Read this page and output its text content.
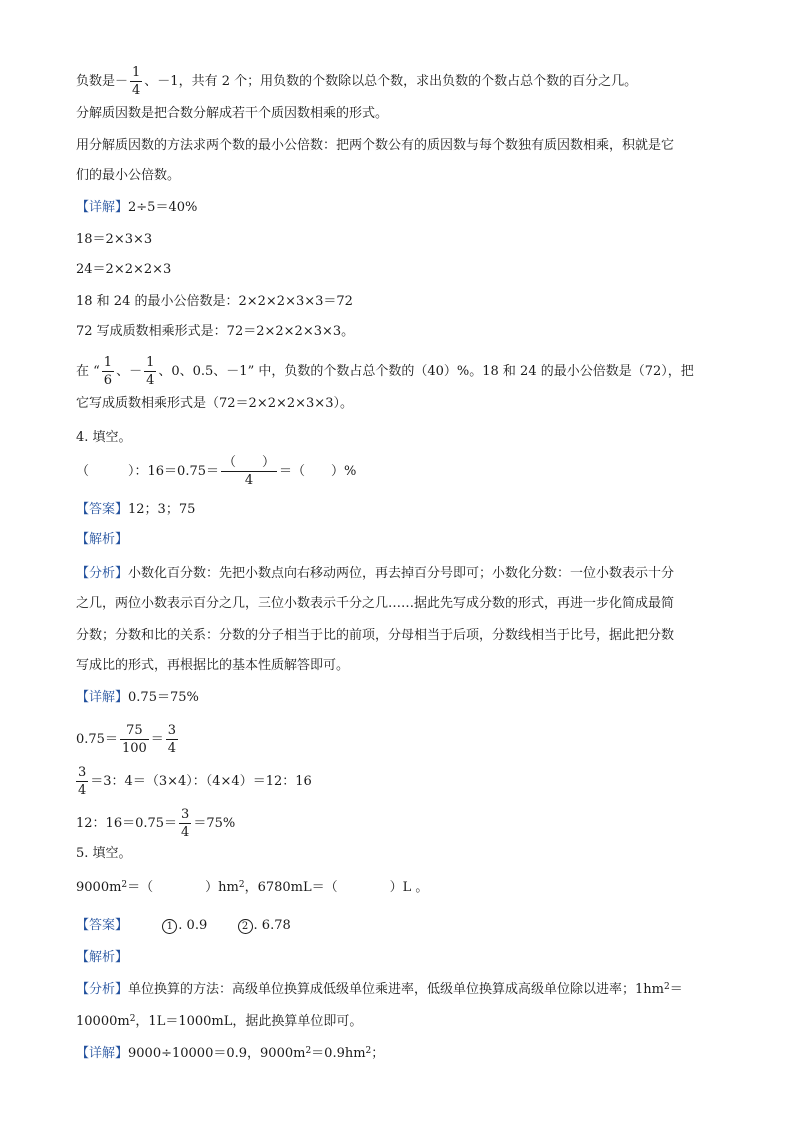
负数是－ $\frac{1}{4}$ 、－1，共有 2 个；用负数的个数除以总个数，求出负数的个数占总个数的百分之几。
分解质因数是把合数分解成若干个质因数相乘的形式。
用分解质因数的方法求两个数的最小公倍数：把两个数公有的质因数与每个数独有质因数相乘，积就是它
们的最小公倍数。
【详解】2÷5＝40%
18＝2×3×3
24＝2×2×2×3
18 和 24 的最小公倍数是：2×2×2×3×3＝72
72 写成质数相乘形式是：72＝2×2×2×3×3。
在 “ $\frac{1}{6}$ 、－ $\frac{1}{4}$ 、0、0.5、－1” 中，负数的个数占总个数的（40）%。18 和 24 的最小公倍数是（72），把
它写成质数相乘形式是（72＝2×2×2×3×3）。
4. 填空。
（　　　）：$16=0.75= \frac{( )}{4}$ ＝（　　）%
【答案】12；3；75
【解析】
【分析】小数化百分数：先把小数点向右移动两位，再去掉百分号即可；小数化分数：一位小数表示十分
之几，两位小数表示百分之几，三位小数表示千分之几……据此先写成分数的形式，再进一步化简成最简
分数；分数和比的关系：分数的分子相当于比的前项，分母相当于后项，分数线相当于比号，据此把分数
写成比的形式，再根据比的基本性质解答即可。
【详解】0.75＝75%
$0.75= \frac{75}{100} = \frac{3}{4}$
$\frac{3}{4} =3$：4＝（3×4）：（4×4）＝12：16
12：$16=0.75= \frac{3}{4} =75\%$
5. 填空。
$9000m^2=$（　　　　）$hm^2$，6780mL＝（　　　　）L 。
【答案】	1 . 0.9	2 . 6.78
【解析】
【分析】单位换算的方法：高级单位换算成低级单位乘进率，低级单位换算成高级单位除以进率；$1hm^2=$
$10000m^2$，1L＝1000mL，据此换算单位即可。
【详解】9000÷10000＝0.9，$9000m^2=0.9hm^2$；
